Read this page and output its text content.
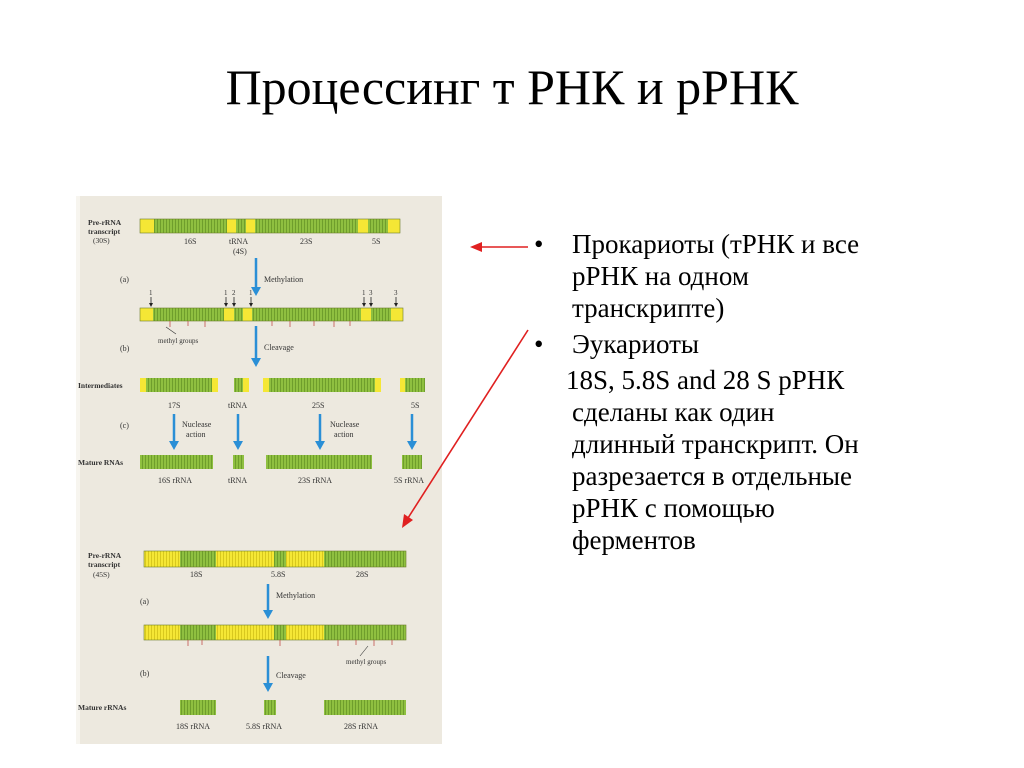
Процессинг т РНК и рРНК
Pre-rRNA
transcript
(30S)	16S	tRNA
(4S)
23S	5S
(a)	Methylation
1	1 2 1	1 3	3
methyl groups
(b)	Cleavage
Intermediates
17S	tRNA	25S	5S
(c)	Nuclease
action
Nuclease
action
Mature RNAs
16S rRNA	tRNA	23S rRNA	5S rRNA
Pre-rRNA
transcript
(45S)	18S	5.8S	28S
(a)
Methylation
methyl groups
(b)	Cleavage
Mature rRNAs
18S rRNA	5.8S rRNA	28S rRNA
• Прокариоты (тРНК и все
рРНК на одном
транскрипте)
• Эукариоты
18S, 5.8S and 28 S рРНК
сделаны как один
длинный транскрипт. Он
разрезается в отдельные
рРНК с помощью
ферментов
